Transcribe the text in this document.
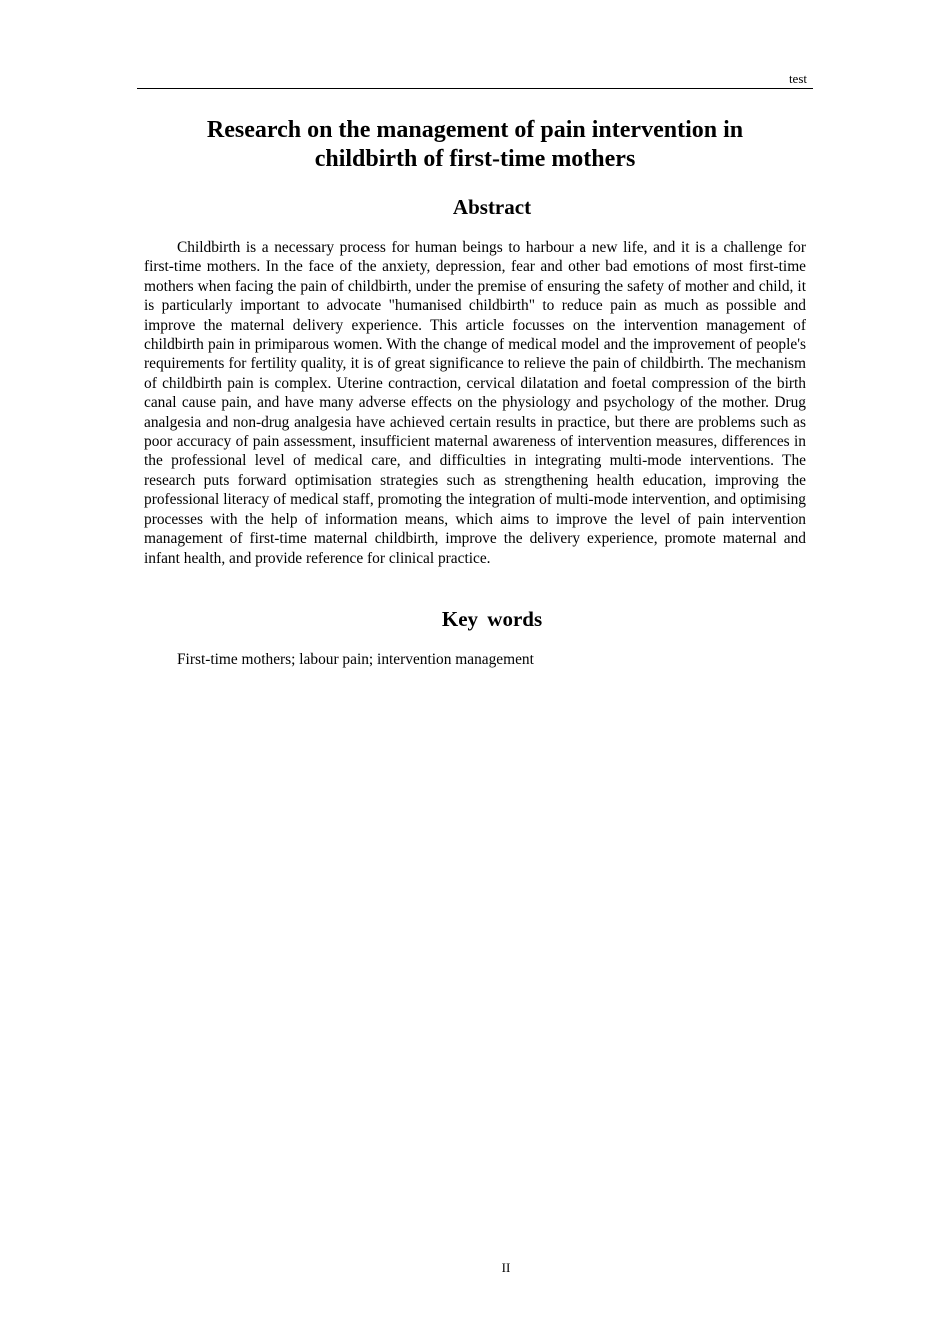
test
Research on the management of pain intervention in
childbirth of first-time mothers
Abstract

Childbirth is a necessary process for human beings to harbour a new life, and it is a challenge for first-time mothers. In the face of the anxiety, depression, fear and other bad emotions of most first-time mothers when facing the pain of childbirth, under the premise of ensuring the safety of mother and child, it is particularly important to advocate "humanised childbirth" to reduce pain as much as possible and improve the maternal delivery experience. This article focusses on the intervention management of childbirth pain in primiparous women. With the change of medical model and the improvement of people's requirements for fertility quality, it is of great significance to relieve the pain of childbirth. The mechanism of childbirth pain is complex. Uterine contraction, cervical dilatation and foetal compression of the birth canal cause pain, and have many adverse effects on the physiology and psychology of the mother. Drug analgesia and non-drug analgesia have achieved certain results in practice, but there are problems such as poor accuracy of pain assessment, insufficient maternal awareness of intervention measures, differences in the professional level of medical care, and difficulties in integrating multi-mode interventions. The research puts forward optimisation strategies such as strengthening health education, improving the professional literacy of medical staff, promoting the integration of multi-mode intervention, and optimising processes with the help of information means, which aims to improve the level of pain intervention management of first-time maternal childbirth, improve the delivery experience, promote maternal and infant health, and provide reference for clinical practice.

Key words

First-time mothers; labour pain; intervention management

II
